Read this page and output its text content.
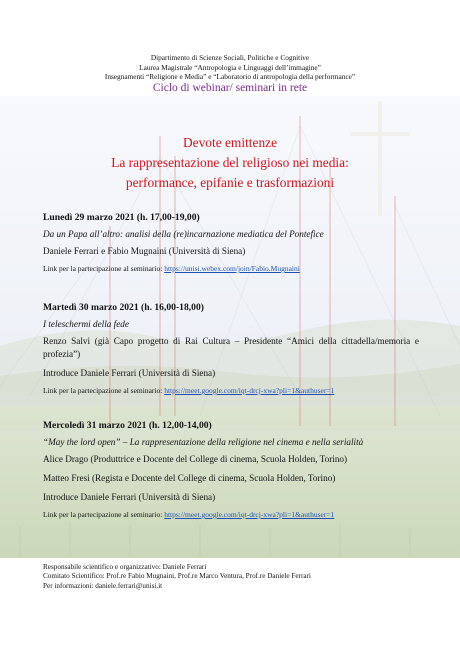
Dipartimento di Scienze Sociali, Politiche e Cognitive
Laurea Magistrale “Antropologia e Linguaggi dell’immagine”
Insegnamenti “Religione e Media” e “Laboratorio di antropologia della performance”
Ciclo di webinar/ seminari in rete
Devote emittenze
La rappresentazione del religioso nei media:
performance, epifanie e trasformazioni
Lunedì 29 marzo 2021 (h. 17,00-19,00)
Da un Papa all’altro: analisi della (re)incarnazione mediatica del Pontefice
Daniele Ferrari e Fabio Mugnaini (Università di Siena)
Link per la partecipazione al seminario: https://unisi.webex.com/join/Fabio.Mugnaini
Martedì 30 marzo 2021 (h. 16,00-18,00)
I teleschermi della fede
Renzo Salvi (già Capo progetto di Rai Cultura – Presidente “Amici della cittadella/memoria e profezia”)
Introduce Daniele Ferrari (Università di Siena)
Link per la partecipazione al seminario: https://meet.google.com/iqt-drcj-xwa?pli=1&authuser=1
Mercoledì 31 marzo 2021 (h. 12,00-14,00)
“May the lord open” – La rappresentazione della religione nel cinema e nella serialità
Alice Drago (Produttrice e Docente del College di cinema, Scuola Holden, Torino)
Matteo Fresi (Regista e Docente del College di cinema, Scuola Holden, Torino)
Introduce Daniele Ferrari (Università di Siena)
Link per la partecipazione al seminario: https://meet.google.com/iqt-drcj-xwa?pli=1&authuser=1
Responsabile scientifico e organizzativo: Daniele Ferrari
Comitato Scientifico: Prof.re Fabio Mugnaini, Prof.re Marco Ventura, Prof.re Daniele Ferrari
Per informazioni: daniele.ferrari@unisi.it
